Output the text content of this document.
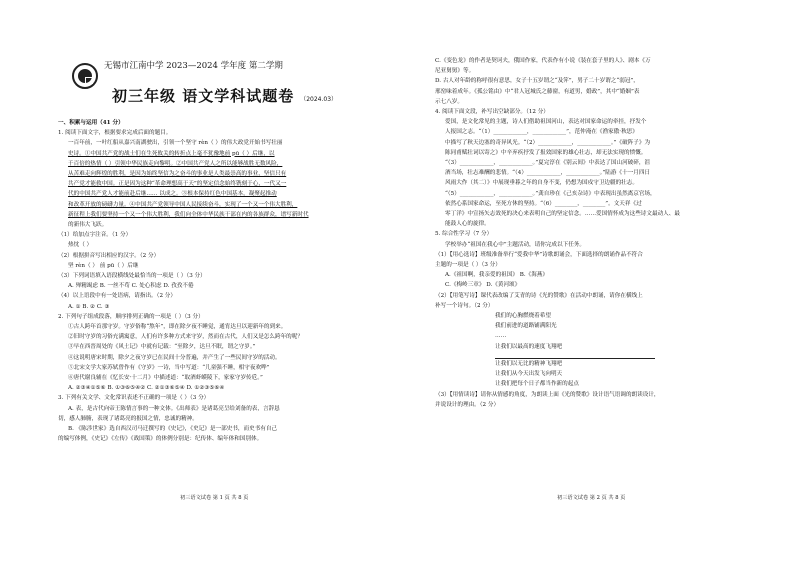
无锡市江南中学 2023—2024 学年度 第二学期
初三年级 语文学科试题卷 （2024.03）
一、积累与运用（41 分）
1. 阅读下面文字，根据要求完成后面的题目。
一百年前，一叶红船从嘉兴南湖驶出，引领一个坚守 rèn（ ）的伟大政党开始书写壮丽
史诗。①中国共产党的战士们在生死攸关的转折点上毫不犹豫地前 pū（ ）后继，以
千百倍的热情（ ）引领中华民族走向黎明。②中国共产党人之所以能够战胜无数风险，
从苦难走向辉煌的胜利，是因为始终坚信为之奋斗的事业是人类最崇高的事业，坚信只有
共产党才能救中国。正是因为这种“革命理想高于天”的坚定信念始终镌刻于心，一代又一
代的中国共产党人才能前赴后继…… 以成之。③根本保持红色中国基本，凝聚起推动
和改革开放的磅礴力量。④中国共产党领导中国人民接续奋斗，实现了一个又一个伟大胜利，
新征程上我们要坚持一个又一个伟大胜利，我们向全体中华民族干部在内的各族群众，谱写新时代
的新伟大飞跃。
（1）给加点字注音。（1 分）
热忱（ ）
（2）根据拼音写出相应的汉字。（2 分）
坚 rèn（ ） 前 pū（ ）后继
（3）下列词语填入语段横线处最恰当的一项是（ ）（3 分）
A. 殚精竭虑 B. 一丝不苟 C. 处心积虑 D. 孜孜不倦
（4）以上语段中有一处语病，请指出。（2 分）
A. ① B. ② C. ③
2. 下列句子组成段落，顺序排列正确的一项是（ ）（3 分）
①古人跨年首那守岁。守岁俗称“熬年”，即在除夕夜不睡觉，通宵达旦以迎新年的到来。
②旧时守岁的习俗充满寓意，人们有许多种方式来守岁，然而在古代，人们又是怎么跨年的呢？
③早在西晋周处的《风土记》中就有记载：“至除夕，达旦不眠，谓之守岁。”
④这说明唐宋时期，除夕之夜守岁已在民间十分普遍，并产生了一些民间守岁的活动。
⑤北宋文学大家苏轼曾作有《守岁》一诗，当中写道：“儿童强不睡，相守夜欢哗”
⑥唐代谢良辅在《忆长安·十二月》中描述道：“取酒虾蟆陵下，家家守岁传卮。”
A. ②③④①⑤⑥ B. ①③⑥⑤④② C. ②①③⑥⑤④ D. ①②③⑤⑥④
3. 下列有关文学、文化常识表述不正确的一项是（ ）（3 分）
A. 表，是古代向帝王陈情言事的一种文体。《出师表》是诸葛亮呈给刘备的表，言辞恳
切，感人肺腑，表现了诸葛亮的报国之情，忠诚的精神。
B. 《陈涉世家》选自西汉司马迁撰写的《史记》，《史记》是一部史书，而史书有自己
的编写体例，《史记》《左传》《战国策》的体例分别是：纪传体、编年体和国别体。
初三语文试卷 第 1 页 共 8 页
C.《变色龙》的作者是契诃夫，俄国作家，代表作有小说《装在套子里的人》、剧本《万
尼亚舅舅》等。
D. 古人对年龄的称呼很有意思，女子十五岁谓之“及笄”，男子二十岁谓之“弱冠”，
邢窑味着成年。《孤公铭由》中“君人冠城氏之藤窗，有道男，婚政”，其中“婚姻”表
示七八岁。
4. 阅读下面文段，补写出空缺部分。（12 分）
爱国，是文化常见的主题，诗人们借助祖国河山，表达对国家命运的牵挂，抒发个
人报国之志。“（1）____________，____________”，范仲淹在《渔家傲·秋思》
中描写了秋天边塞的奇异风光。“（2）____________，____________。”《破阵子》为
陈同甫赋壮词以寄之》中辛弃疾抒发了报效国家的雄心壮志，却无法实现的愤慨。
“（3）____________，____________。”夏完淳在《别云间》中表达了国山河破碎，沮
酒当场，壮志难酬的悲情。“（4）____________，____________。”陆游《十一月四日
风雨大作（其二）》中展现垂暮之年的自身不变，仍想为国戍守卫边疆的壮志。
“（5）____________，____________。”龚自珍在《己亥杂诗》中表现出虽然离京官场，
依然心系国家命运，至死方休的坚持。“（6）________，________”。文天祥《过
零丁洋》中宣扬矢志效死的决心来表明自己的坚定信念。……爱国情怀成为这些诗文最动人、最
能鼓人心的旋律。
5. 综合性学习（7 分）
学校举办“祖国在我心中”主题活动，请你完成以下任务。
（1）【用心选诗】班级准备举行“爱我中华”诗歌朗诵会，下面选择的朗诵作品不符合
主题的一项是（ ）（3 分）
A.《祖国啊，我亲爱的祖国》 B.《海燕》
C.《梅岭三章》 D.《黄河颂》
（2）【用笔写诗】课代表改编了艾青的诗《光的赞歌》在活动中朗诵，请你在横线上
补写一个诗句。（2 分）
我们的心胸燃烧着希望
我们前进的道路铺满阳光
……
让我们以最高的速度飞翔吧
让我们以无比的精神飞翔吧
让我们从今天出发飞向明天
让我们把每个日子都当作新的起点
（3）【用情读诗】请你从情感的角度，为朗读上面《光的赞歌》设计语气语调的朗读设计，
并说设计的理由。（2 分）
初三语文试卷 第 2 页 共 8 页
